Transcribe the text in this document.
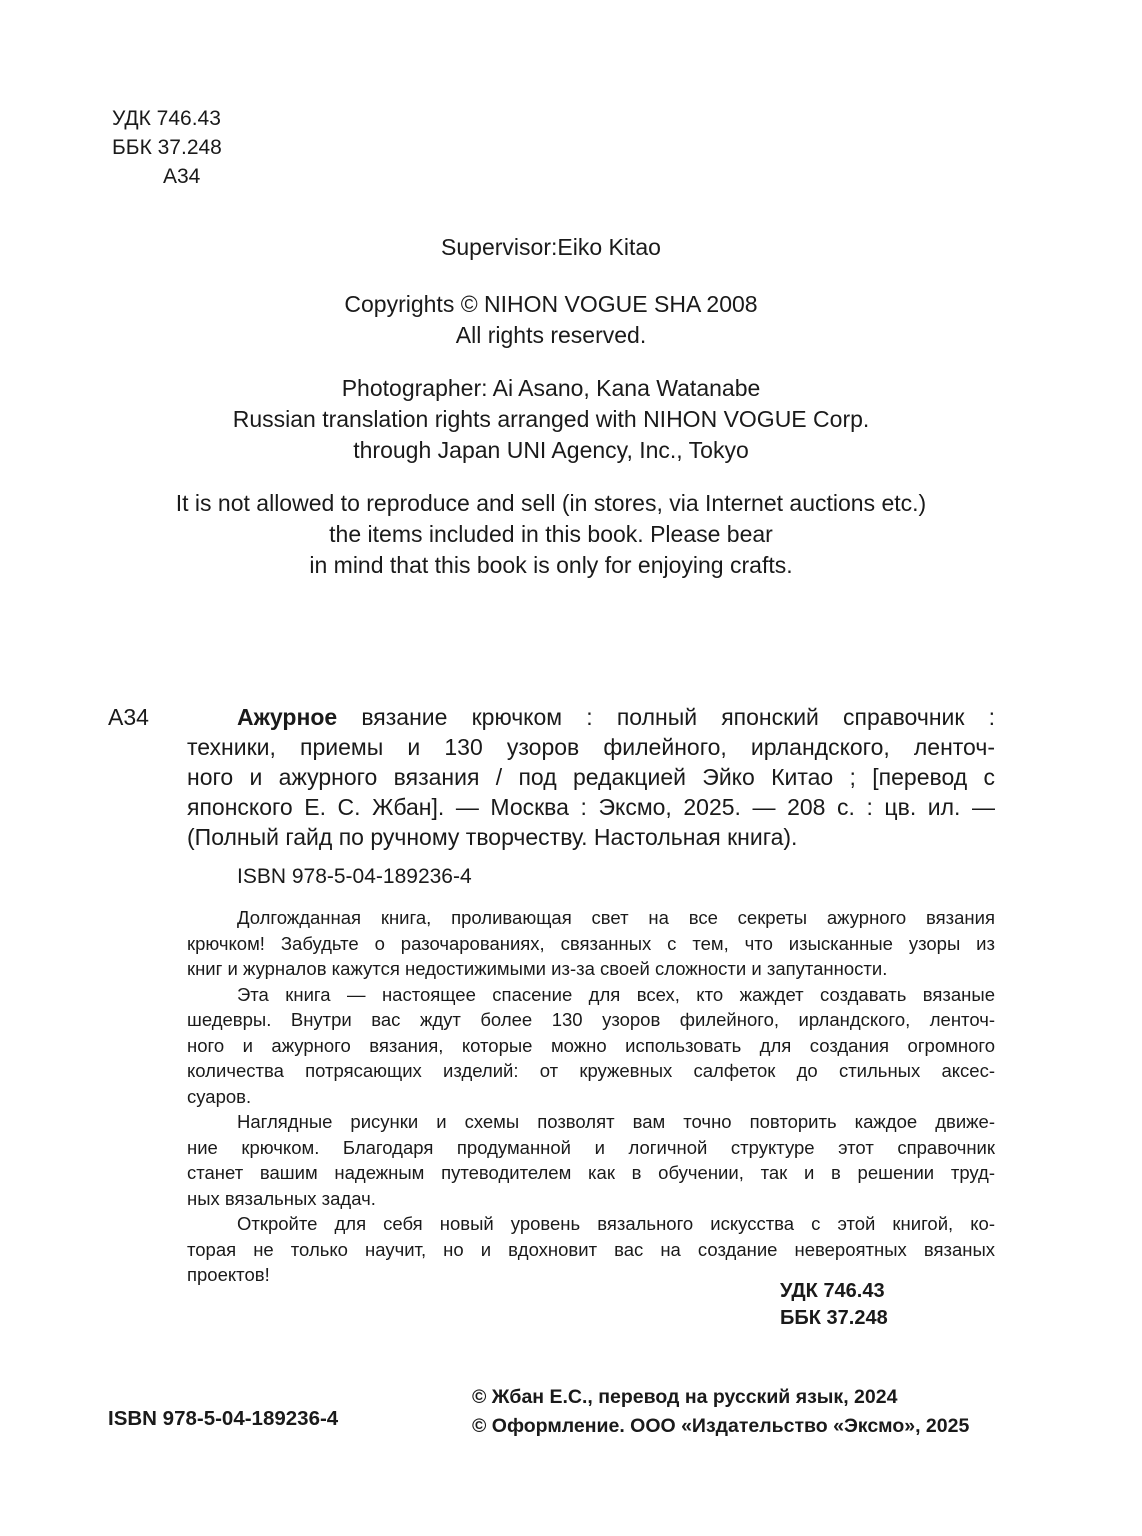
УДК 746.43
ББК 37.248
А34
Supervisor:Eiko Kitao
Copyrights © NIHON VOGUE SHA 2008
All rights reserved.
Photographer: Ai Asano, Kana Watanabe
Russian translation rights arranged with NIHON VOGUE Corp.
through Japan UNI Agency, Inc., Tokyo
It is not allowed to reproduce and sell (in stores, via Internet auctions etc.)
the items included in this book. Please bear
in mind that this book is only for enjoying crafts.
А34	Ажурное вязание крючком : полный японский справочник :
техники, приемы и 130 узоров филейного, ирландского, ленточ-
ного и ажурного вязания / под редакцией Эйко Китао ; [перевод с
японского Е. С. Жбан]. — Москва : Эксмо, 2025. — 208 с. : цв. ил. —
(Полный гайд по ручному творчеству. Настольная книга).
ISBN 978-5-04-189236-4
Долгожданная книга, проливающая свет на все секреты ажурного вязания
крючком! Забудьте о разочарованиях, связанных с тем, что изысканные узоры из
книг и журналов кажутся недостижимыми из-за своей сложности и запутанности.
Эта книга — настоящее спасение для всех, кто жаждет создавать вязаные
шедевры. Внутри вас ждут более 130 узоров филейного, ирландского, ленточ-
ного и ажурного вязания, которые можно использовать для создания огромного
количества потрясающих изделий: от кружевных салфеток до стильных аксес-
суаров.
Наглядные рисунки и схемы позволят вам точно повторить каждое движе-
ние крючком. Благодаря продуманной и логичной структуре этот справочник
станет вашим надежным путеводителем как в обучении, так и в решении труд-
ных вязальных задач.
Откройте для себя новый уровень вязального искусства с этой книгой, ко-
торая не только научит, но и вдохновит вас на создание невероятных вязаных
проектов!
УДК 746.43
ББК 37.248
ISBN 978-5-04-189236-4
© Жбан Е.С., перевод на русский язык, 2024
© Оформление. ООО «Издательство «Эксмо», 2025
